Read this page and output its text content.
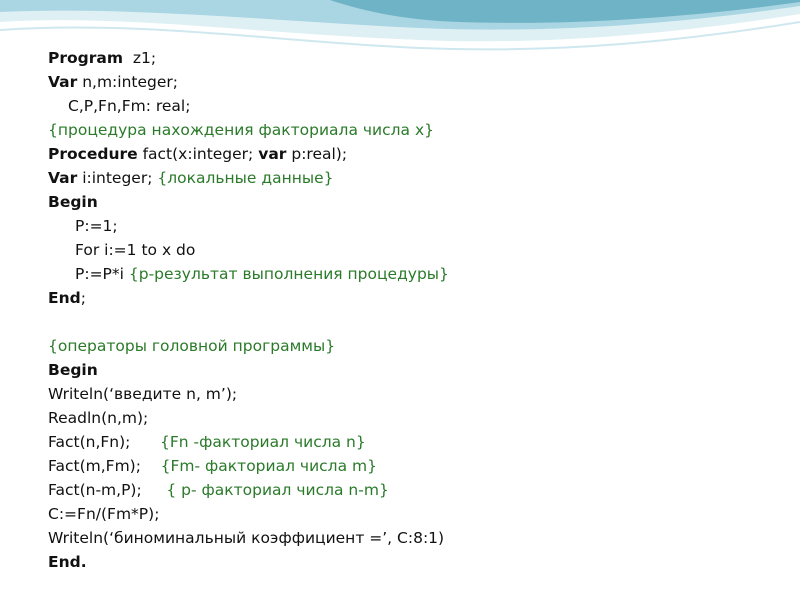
Program  z1;
Var n,m:integer;
C,P,Fn,Fm: real;
{процедура нахождения факториала числа x}
Procedure fact(x:integer; var p:real);
Var i:integer; {локальные данные}
Begin
P:=1;
For i:=1 to x do
P:=P*i {p-результат выполнения процедуры}
End;
{операторы головной программы}
Begin
Writeln(‘введите n, m’);
Readln(n,m);
Fact(n,Fn);      {Fn -факториал числа n}
Fact(m,Fm);    {Fm- факториал числа m}
Fact(n-m,P);     { p- факториал числа n-m}
C:=Fn/(Fm*P);
Writeln(‘биноминальный коэффициент =’, C:8:1)
End.
